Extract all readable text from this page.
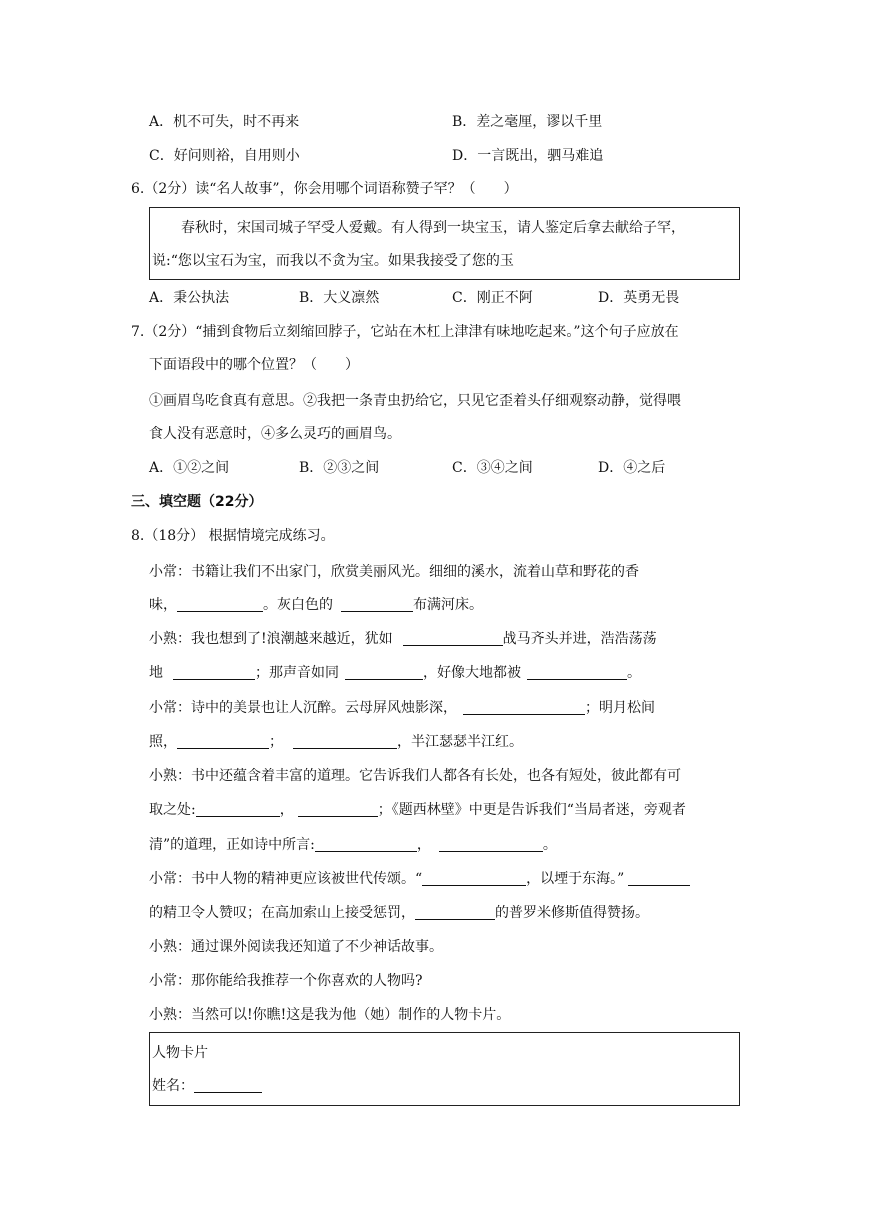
A．机不可失，时不再来	B．差之毫厘，谬以千里
C．好问则裕，自用则小	D．一言既出，驷马难追
6.（2分）读“名人故事”，你会用哪个词语称赞子罕？（　　）
春秋时，宋国司城子罕受人爱戴。有人得到一块宝玉，请人鉴定后拿去献给子罕，
说:“您以宝石为宝，而我以不贪为宝。如果我接受了您的玉
A．秉公执法	B．大义凛然	C．刚正不阿	D．英勇无畏
7.（2分）“捕到食物后立刻缩回脖子，它站在木杠上津津有味地吃起来。”这个句子应放在
下面语段中的哪个位置？（　　）
①画眉鸟吃食真有意思。②我把一条青虫扔给它，只见它歪着头仔细观察动静，觉得喂
食人没有恶意时，④多么灵巧的画眉鸟。
A．①②之间	B．②③之间	C．③④之间	D．④之后
三、填空题（22分）
8.（18分） 根据情境完成练习。
小常：书籍让我们不出家门，欣赏美丽风光。细细的溪水，流着山草和野花的香
味，	。灰白色的	布满河床。
小熟：我也想到了!浪潮越来越近，犹如	战马齐头并进，浩浩荡荡
地	；那声音如同	，好像大地都被	。
小常：诗中的美景也让人沉醉。云母屏风烛影深，	；明月松间
照，	；	，半江瑟瑟半江红。
小熟：书中还蕴含着丰富的道理。它告诉我们人都各有长处，也各有短处，彼此都有可
取之处:	，	；《题西林壁》中更是告诉我们“当局者迷，旁观者
清”的道理，正如诗中所言:	，	。
小常：书中人物的精神更应该被世代传颂。“	，以堙于东海。”
的精卫令人赞叹；在高加索山上接受惩罚，	的普罗米修斯值得赞扬。
小熟：通过课外阅读我还知道了不少神话故事。
小常：那你能给我推荐一个你喜欢的人物吗?
小熟：当然可以!你瞧!这是我为他（她）制作的人物卡片。
人物卡片
姓名：
